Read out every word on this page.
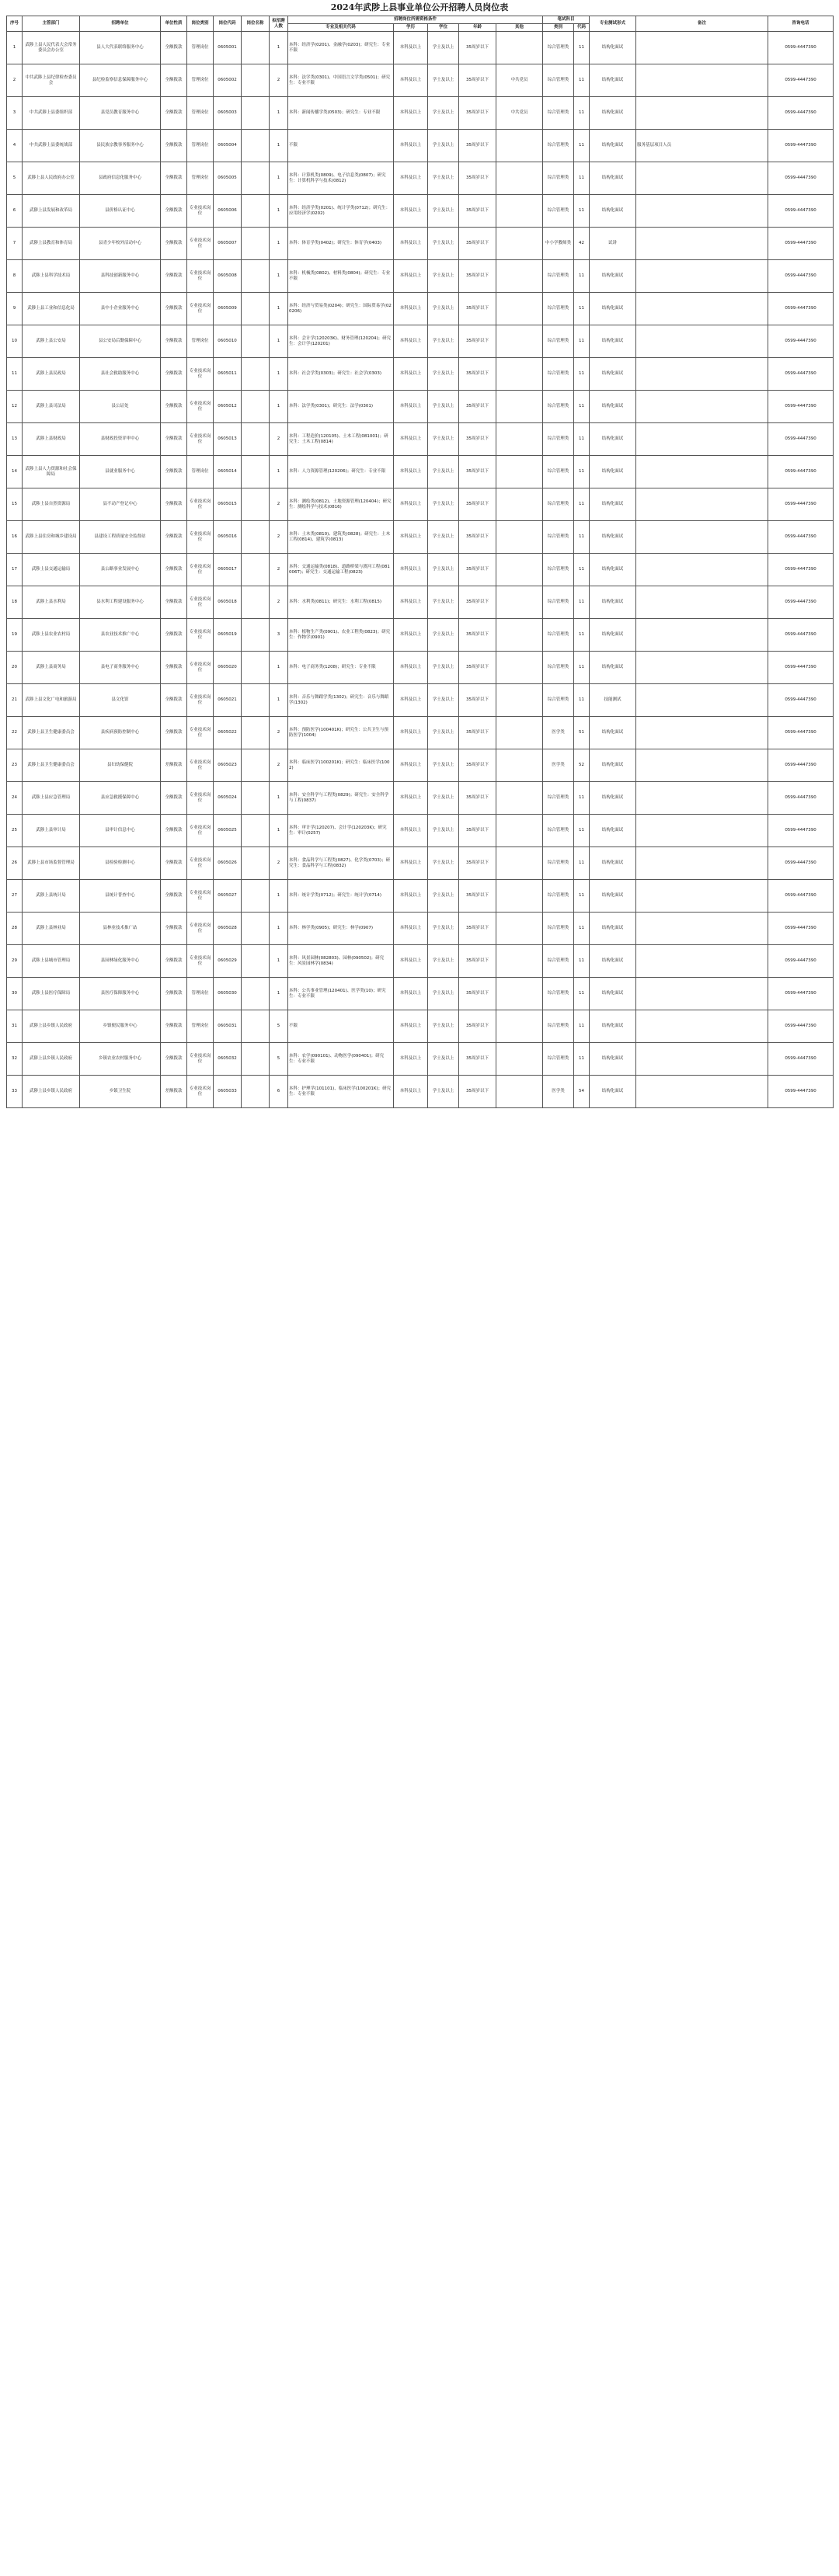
2024年武陟上县事业单位公开招聘人员岗位表
序号	主管部门	招聘单位	单位性质	岗位类别	岗位代码	岗位名称	拟招聘人数	招聘岗位所需资格条件					笔试科目		专业测试形式	备注	咨询电话
								专业及相关代码	学历	学位	年龄	其他	类别	代码			
1	武陟上县人民代表大会常务委员会办公室	县人大代表联络服务中心	全额拨款	管理岗位	0605001		1	本科：经济学(0201)、金融学(0203)；研究生：专业不限	本科及以上	学士及以上	35周岁以下		综合管理类	11	结构化面试		0599-4447390
2	中共武陟上县纪律检查委员会	县纪检监察信息保障服务中心	全额拨款	管理岗位	0605002		2	本科：法学类(0301)、中国语言文学类(0501)；研究生：专业不限	本科及以上	学士及以上	35周岁以下	中共党员	综合管理类	11	结构化面试		0599-4447390
3	中共武陟上县委组织部	县党员教育服务中心	全额拨款	管理岗位	0605003		1	本科：新闻传播学类(0503)；研究生：专业不限	本科及以上	学士及以上	35周岁以下	中共党员	综合管理类	11	结构化面试		0599-4447390
4	中共武陟上县委统战部	县民族宗教事务服务中心	全额拨款	管理岗位	0605004		1	不限	本科及以上	学士及以上	35周岁以下		综合管理类	11	结构化面试	服务基层项目人员	0599-4447390
5	武陟上县人民政府办公室	县政府信息化服务中心	全额拨款	管理岗位	0605005		1	本科：计算机类(0809)、电子信息类(0807)；研究生：计算机科学与技术(0812)	本科及以上	学士及以上	35周岁以下		综合管理类	11	结构化面试		0599-4447390
6	武陟上县发展和改革局	县价格认证中心	全额拨款	专业技术岗位	0605006		1	本科：经济学类(0201)、统计学类(0712)；研究生：应用经济学(0202)	本科及以上	学士及以上	35周岁以下		综合管理类	11	结构化面试		0599-4447390
7	武陟上县教育和体育局	县青少年校外活动中心	全额拨款	专业技术岗位	0605007		1	本科：体育学类(0402)；研究生：体育学(0403)	本科及以上	学士及以上	35周岁以下		中小学教师类	42	试讲		0599-4447390
8	武陟上县科学技术局	县科技创新服务中心	全额拨款	专业技术岗位	0605008		1	本科：机械类(0802)、材料类(0804)；研究生：专业不限	本科及以上	学士及以上	35周岁以下		综合管理类	11	结构化面试		0599-4447390
9	武陟上县工业和信息化局	县中小企业服务中心	全额拨款	专业技术岗位	0605009		1	本科：经济与贸易类(0204)；研究生：国际贸易学(020206)	本科及以上	学士及以上	35周岁以下		综合管理类	11	结构化面试		0599-4447390
10	武陟上县公安局	县公安局后勤保障中心	全额拨款	管理岗位	0605010		1	本科：会计学(120203K)、财务管理(120204)；研究生：会计学(120201)	本科及以上	学士及以上	35周岁以下		综合管理类	11	结构化面试		0599-4447390
11	武陟上县民政局	县社会救助服务中心	全额拨款	专业技术岗位	0605011		1	本科：社会学类(0303)；研究生：社会学(0303)	本科及以上	学士及以上	35周岁以下		综合管理类	11	结构化面试		0599-4447390
12	武陟上县司法局	县公证处	全额拨款	专业技术岗位	0605012		1	本科：法学类(0301)；研究生：法学(0301)	本科及以上	学士及以上	35周岁以下		综合管理类	11	结构化面试		0599-4447390
13	武陟上县财政局	县财政投资评审中心	全额拨款	专业技术岗位	0605013		2	本科：工程造价(120105)、土木工程(081001)；研究生：土木工程(0814)	本科及以上	学士及以上	35周岁以下		综合管理类	11	结构化面试		0599-4447390
14	武陟上县人力资源和社会保障局	县就业服务中心	全额拨款	管理岗位	0605014		1	本科：人力资源管理(120206)；研究生：专业不限	本科及以上	学士及以上	35周岁以下		综合管理类	11	结构化面试		0599-4447390
15	武陟上县自然资源局	县不动产登记中心	全额拨款	专业技术岗位	0605015		2	本科：测绘类(0812)、土地资源管理(120404)；研究生：测绘科学与技术(0816)	本科及以上	学士及以上	35周岁以下		综合管理类	11	结构化面试		0599-4447390
16	武陟上县住房和城乡建设局	县建设工程质量安全监督站	全额拨款	专业技术岗位	0605016		2	本科：土木类(0810)、建筑类(0828)；研究生：土木工程(0814)、建筑学(0813)	本科及以上	学士及以上	35周岁以下		综合管理类	11	结构化面试		0599-4447390
17	武陟上县交通运输局	县公路事业发展中心	全额拨款	专业技术岗位	0605017		2	本科：交通运输类(0818)、道路桥梁与渡河工程(081006T)；研究生：交通运输工程(0823)	本科及以上	学士及以上	35周岁以下		综合管理类	11	结构化面试		0599-4447390
18	武陟上县水利局	县水利工程建设服务中心	全额拨款	专业技术岗位	0605018		2	本科：水利类(0811)；研究生：水利工程(0815)	本科及以上	学士及以上	35周岁以下		综合管理类	11	结构化面试		0599-4447390
19	武陟上县农业农村局	县农业技术推广中心	全额拨款	专业技术岗位	0605019		3	本科：植物生产类(0901)、农业工程类(0823)；研究生：作物学(0901)	本科及以上	学士及以上	35周岁以下		综合管理类	11	结构化面试		0599-4447390
20	武陟上县商务局	县电子商务服务中心	全额拨款	专业技术岗位	0605020		1	本科：电子商务类(1208)；研究生：专业不限	本科及以上	学士及以上	35周岁以下		综合管理类	11	结构化面试		0599-4447390
21	武陟上县文化广电和旅游局	县文化馆	全额拨款	专业技术岗位	0605021		1	本科：音乐与舞蹈学类(1302)；研究生：音乐与舞蹈学(1302)	本科及以上	学士及以上	35周岁以下		综合管理类	11	技能测试		0599-4447390
22	武陟上县卫生健康委员会	县疾病预防控制中心	全额拨款	专业技术岗位	0605022		2	本科：预防医学(100401K)；研究生：公共卫生与预防医学(1004)	本科及以上	学士及以上	35周岁以下		医学类	51	结构化面试		0599-4447390
23	武陟上县卫生健康委员会	县妇幼保健院	差额拨款	专业技术岗位	0605023		2	本科：临床医学(100201K)；研究生：临床医学(1002)	本科及以上	学士及以上	35周岁以下		医学类	52	结构化面试		0599-4447390
24	武陟上县应急管理局	县应急救援保障中心	全额拨款	专业技术岗位	0605024		1	本科：安全科学与工程类(0829)；研究生：安全科学与工程(0837)	本科及以上	学士及以上	35周岁以下		综合管理类	11	结构化面试		0599-4447390
25	武陟上县审计局	县审计信息中心	全额拨款	专业技术岗位	0605025		1	本科：审计学(120207)、会计学(120203K)；研究生：审计(0257)	本科及以上	学士及以上	35周岁以下		综合管理类	11	结构化面试		0599-4447390
26	武陟上县市场监督管理局	县检验检测中心	全额拨款	专业技术岗位	0605026		2	本科：食品科学与工程类(0827)、化学类(0703)；研究生：食品科学与工程(0832)	本科及以上	学士及以上	35周岁以下		综合管理类	11	结构化面试		0599-4447390
27	武陟上县统计局	县统计普查中心	全额拨款	专业技术岗位	0605027		1	本科：统计学类(0712)；研究生：统计学(0714)	本科及以上	学士及以上	35周岁以下		综合管理类	11	结构化面试		0599-4447390
28	武陟上县林业局	县林业技术推广站	全额拨款	专业技术岗位	0605028		1	本科：林学类(0905)；研究生：林学(0907)	本科及以上	学士及以上	35周岁以下		综合管理类	11	结构化面试		0599-4447390
29	武陟上县城市管理局	县园林绿化服务中心	全额拨款	专业技术岗位	0605029		1	本科：风景园林(082803)、园林(090502)；研究生：风景园林学(0834)	本科及以上	学士及以上	35周岁以下		综合管理类	11	结构化面试		0599-4447390
30	武陟上县医疗保障局	县医疗保障服务中心	全额拨款	管理岗位	0605030		1	本科：公共事业管理(120401)、医学类(10)；研究生：专业不限	本科及以上	学士及以上	35周岁以下		综合管理类	11	结构化面试		0599-4447390
31	武陟上县乡镇人民政府	乡镇便民服务中心	全额拨款	管理岗位	0605031		5	不限	本科及以上	学士及以上	35周岁以下		综合管理类	11	结构化面试		0599-4447390
32	武陟上县乡镇人民政府	乡镇农业农村服务中心	全额拨款	专业技术岗位	0605032		5	本科：农学(090101)、动物医学(090401)；研究生：专业不限	本科及以上	学士及以上	35周岁以下		综合管理类	11	结构化面试		0599-4447390
33	武陟上县乡镇人民政府	乡镇卫生院	差额拨款	专业技术岗位	0605033		6	本科：护理学(101101)、临床医学(100201K)；研究生：专业不限	本科及以上	学士及以上	35周岁以下		医学类	54	结构化面试		0599-4447390
